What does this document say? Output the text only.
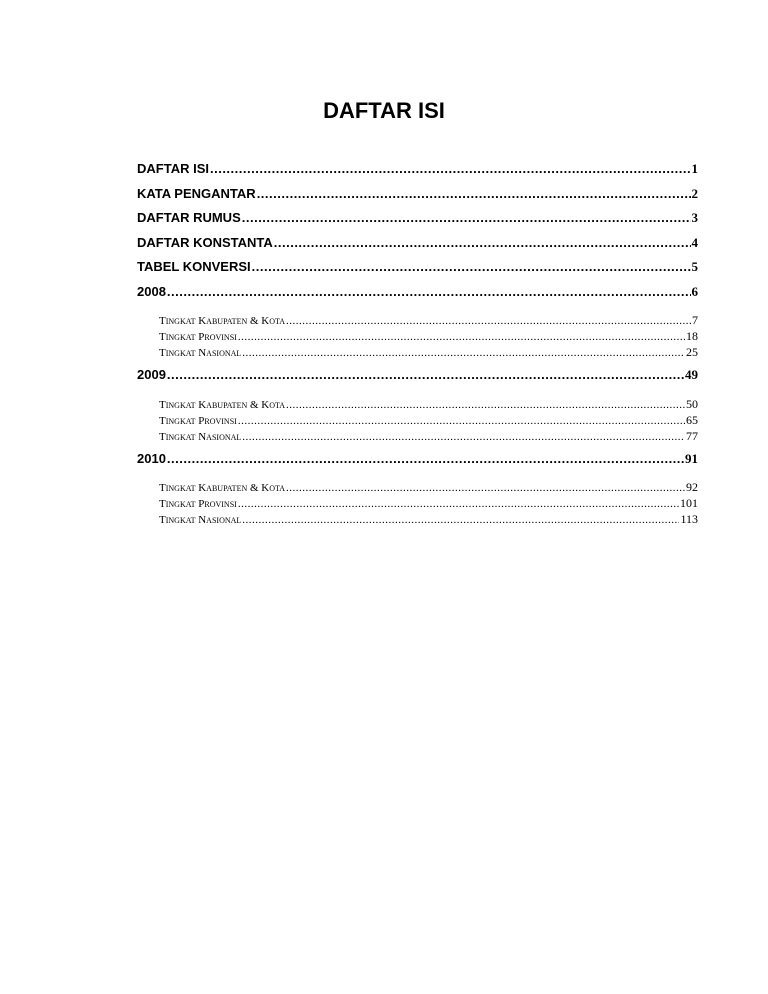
DAFTAR ISI
DAFTAR ISI .....	1
KATA PENGANTAR .....	2
DAFTAR RUMUS .....	3
DAFTAR KONSTANTA .....	4
TABEL KONVERSI .....	5
2008 .....	6
Tingkat Kabupaten & Kota .....	7
Tingkat Provinsi .....	18
Tingkat Nasional .....	25
2009 .....	49
Tingkat Kabupaten & Kota .....	50
Tingkat Provinsi .....	65
Tingkat Nasional .....	77
2010 .....	91
Tingkat Kabupaten & Kota .....	92
Tingkat Provinsi .....	101
Tingkat Nasional .....	113
